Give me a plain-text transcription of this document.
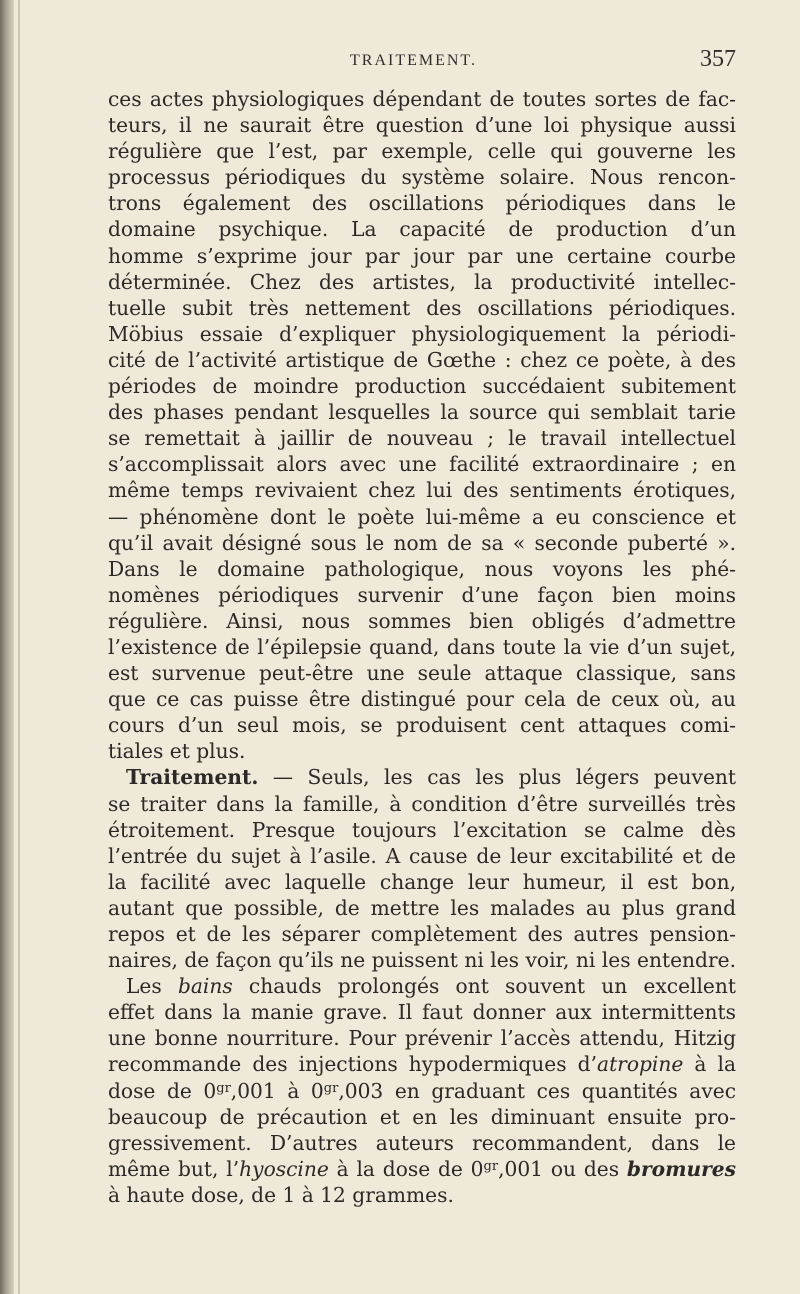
TRAITEMENT.	357
ces actes physiologiques dépendant de toutes sortes de fac-
teurs, il ne saurait être question d’une loi physique aussi
régulière que l’est, par exemple, celle qui gouverne les
processus périodiques du système solaire. Nous rencon-
trons également des oscillations périodiques dans le
domaine psychique. La capacité de production d’un
homme s’exprime jour par jour par une certaine courbe
déterminée. Chez des artistes, la productivité intellec-
tuelle subit très nettement des oscillations périodiques.
Möbius essaie d’expliquer physiologiquement la périodi-
cité de l’activité artistique de Gœthe : chez ce poète, à des
périodes de moindre production succédaient subitement
des phases pendant lesquelles la source qui semblait tarie
se remettait à jaillir de nouveau ; le travail intellectuel
s’accomplissait alors avec une facilité extraordinaire ; en
même temps revivaient chez lui des sentiments érotiques,
— phénomène dont le poète lui-même a eu conscience et
qu’il avait désigné sous le nom de sa « seconde puberté ».
Dans le domaine pathologique, nous voyons les phé-
nomènes périodiques survenir d’une façon bien moins
régulière. Ainsi, nous sommes bien obligés d’admettre
l’existence de l’épilepsie quand, dans toute la vie d’un sujet,
est survenue peut-être une seule attaque classique, sans
que ce cas puisse être distingué pour cela de ceux où, au
cours d’un seul mois, se produisent cent attaques comi-
tiales et plus.
Traitement. — Seuls, les cas les plus légers peuvent
se traiter dans la famille, à condition d’être surveillés très
étroitement. Presque toujours l’excitation se calme dès
l’entrée du sujet à l’asile. A cause de leur excitabilité et de
la facilité avec laquelle change leur humeur, il est bon,
autant que possible, de mettre les malades au plus grand
repos et de les séparer complètement des autres pension-
naires, de façon qu’ils ne puissent ni les voir, ni les entendre.
Les bains chauds prolongés ont souvent un excellent
effet dans la manie grave. Il faut donner aux intermittents
une bonne nourriture. Pour prévenir l’accès attendu, Hitzig
recommande des injections hypodermiques d’atropine à la
dose de $0^{gr},001$ à $0^{gr},003$ en graduant ces quantités avec
beaucoup de précaution et en les diminuant ensuite pro-
gressivement. D’autres auteurs recommandent, dans le
même but, l’hyoscine à la dose de $0^{gr},001$ ou des bromures
à haute dose, de 1 à 12 grammes.
